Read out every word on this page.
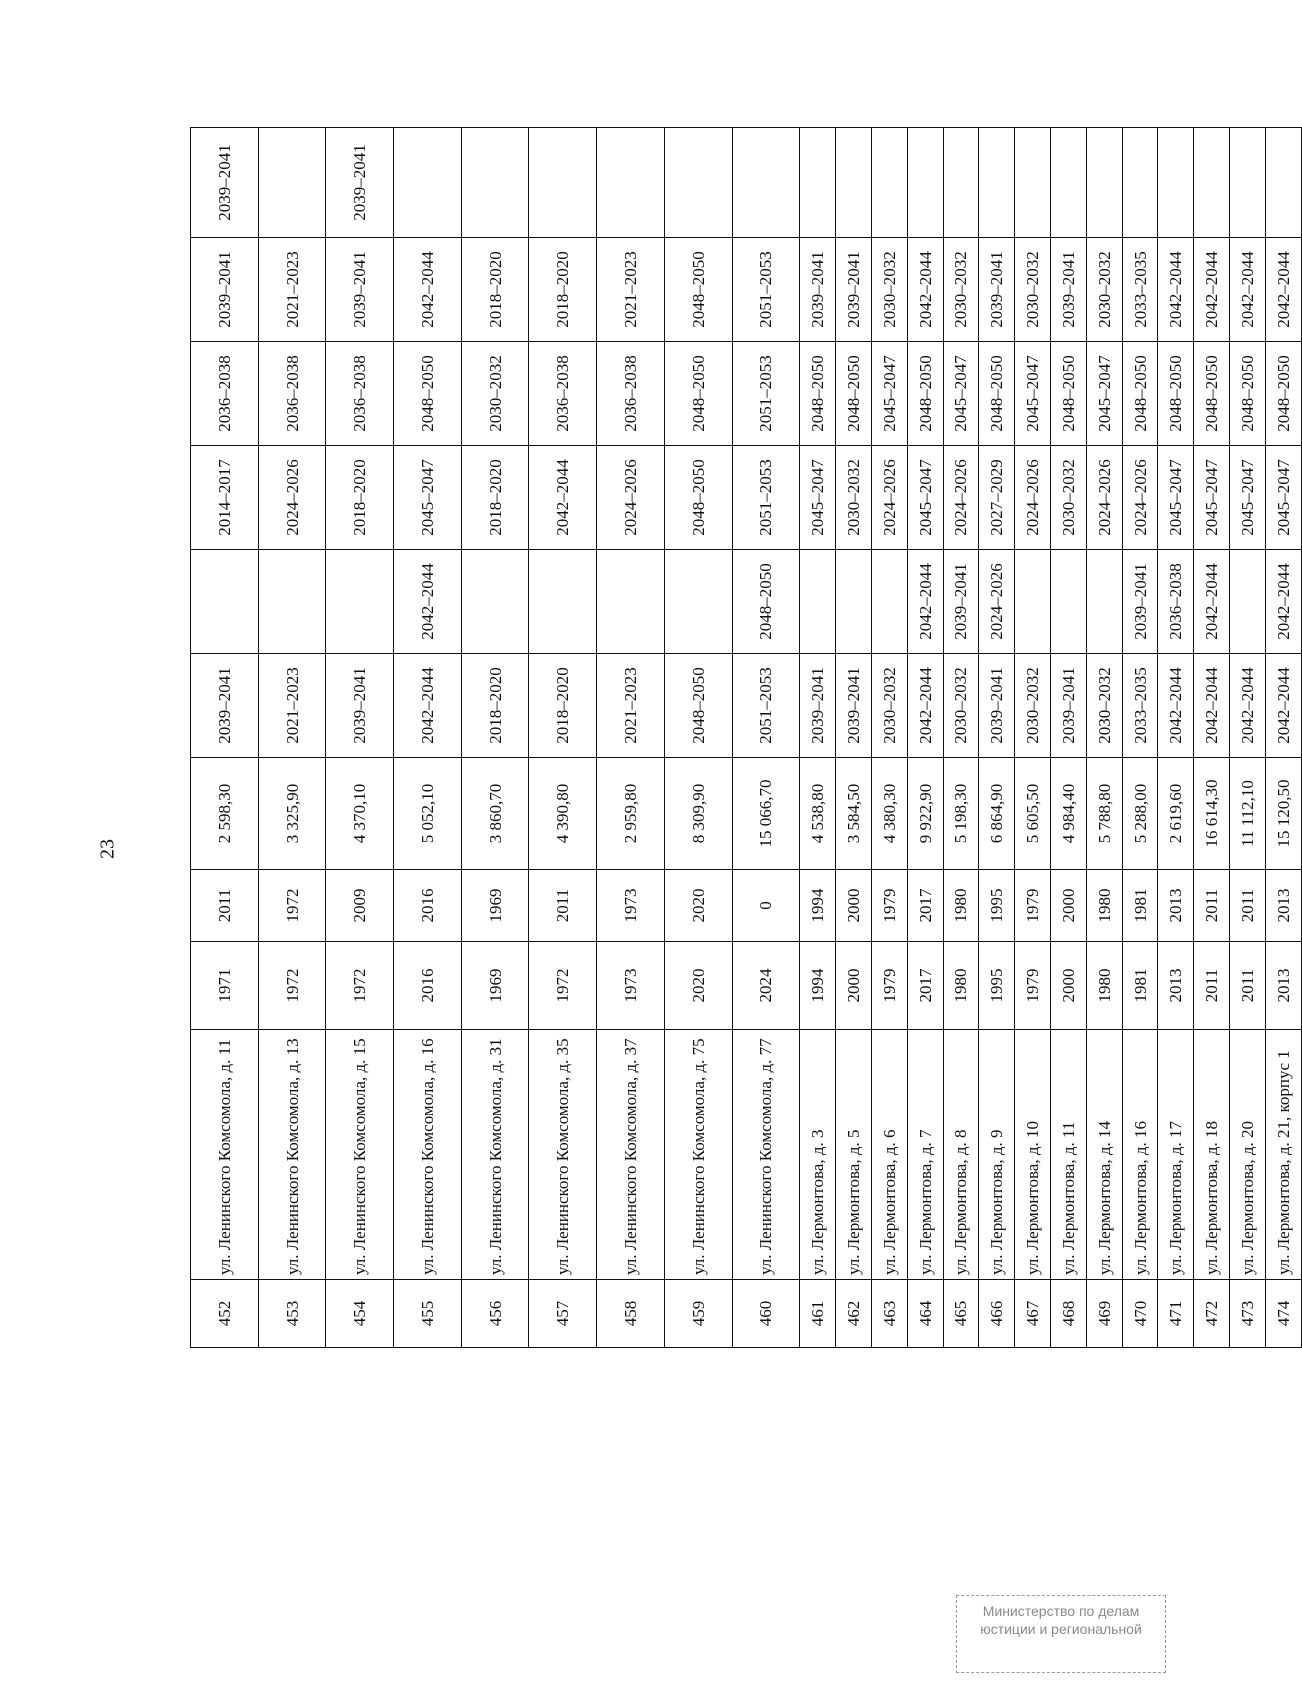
23
452	ул. Ленинского Комсомола, д. 11	1971	2011	2 598,30	2039–2041		2014–2017	2036–2038	2039–2041	2039–2041
453	ул. Ленинского Комсомола, д. 13	1972	1972	3 325,90	2021–2023		2024–2026	2036–2038	2021–2023	
454	ул. Ленинского Комсомола, д. 15	1972	2009	4 370,10	2039–2041		2018–2020	2036–2038	2039–2041	2039–2041
455	ул. Ленинского Комсомола, д. 16	2016	2016	5 052,10	2042–2044	2042–2044	2045–2047	2048–2050	2042–2044	
456	ул. Ленинского Комсомола, д. 31	1969	1969	3 860,70	2018–2020		2018–2020	2030–2032	2018–2020	
457	ул. Ленинского Комсомола, д. 35	1972	2011	4 390,80	2018–2020		2042–2044	2036–2038	2018–2020	
458	ул. Ленинского Комсомола, д. 37	1973	1973	2 959,80	2021–2023		2024–2026	2036–2038	2021–2023	
459	ул. Ленинского Комсомола, д. 75	2020	2020	8 309,90	2048–2050		2048–2050	2048–2050	2048–2050	
460	ул. Ленинского Комсомола, д. 77	2024	0	15 066,70	2051–2053	2048–2050	2051–2053	2051–2053	2051–2053	
461	ул. Лермонтова, д. 3	1994	1994	4 538,80	2039–2041		2045–2047	2048–2050	2039–2041	
462	ул. Лермонтова, д. 5	2000	2000	3 584,50	2039–2041		2030–2032	2048–2050	2039–2041	
463	ул. Лермонтова, д. 6	1979	1979	4 380,30	2030–2032		2024–2026	2045–2047	2030–2032	
464	ул. Лермонтова, д. 7	2017	2017	9 922,90	2042–2044	2042–2044	2045–2047	2048–2050	2042–2044	
465	ул. Лермонтова, д. 8	1980	1980	5 198,30	2030–2032	2039–2041	2024–2026	2045–2047	2030–2032	
466	ул. Лермонтова, д. 9	1995	1995	6 864,90	2039–2041	2024–2026	2027–2029	2048–2050	2039–2041	
467	ул. Лермонтова, д. 10	1979	1979	5 605,50	2030–2032		2024–2026	2045–2047	2030–2032	
468	ул. Лермонтова, д. 11	2000	2000	4 984,40	2039–2041		2030–2032	2048–2050	2039–2041	
469	ул. Лермонтова, д. 14	1980	1980	5 788,80	2030–2032		2024–2026	2045–2047	2030–2032	
470	ул. Лермонтова, д. 16	1981	1981	5 288,00	2033–2035	2039–2041	2024–2026	2048–2050	2033–2035	
471	ул. Лермонтова, д. 17	2013	2013	2 619,60	2042–2044	2036–2038	2045–2047	2048–2050	2042–2044	
472	ул. Лермонтова, д. 18	2011	2011	16 614,30	2042–2044	2042–2044	2045–2047	2048–2050	2042–2044	
473	ул. Лермонтова, д. 20	2011	2011	11 112,10	2042–2044		2045–2047	2048–2050	2042–2044	
474	ул. Лермонтова, д. 21, корпус 1	2013	2013	15 120,50	2042–2044	2042–2044	2045–2047	2048–2050	2042–2044	
Министерство по делам
юстиции и региональной
